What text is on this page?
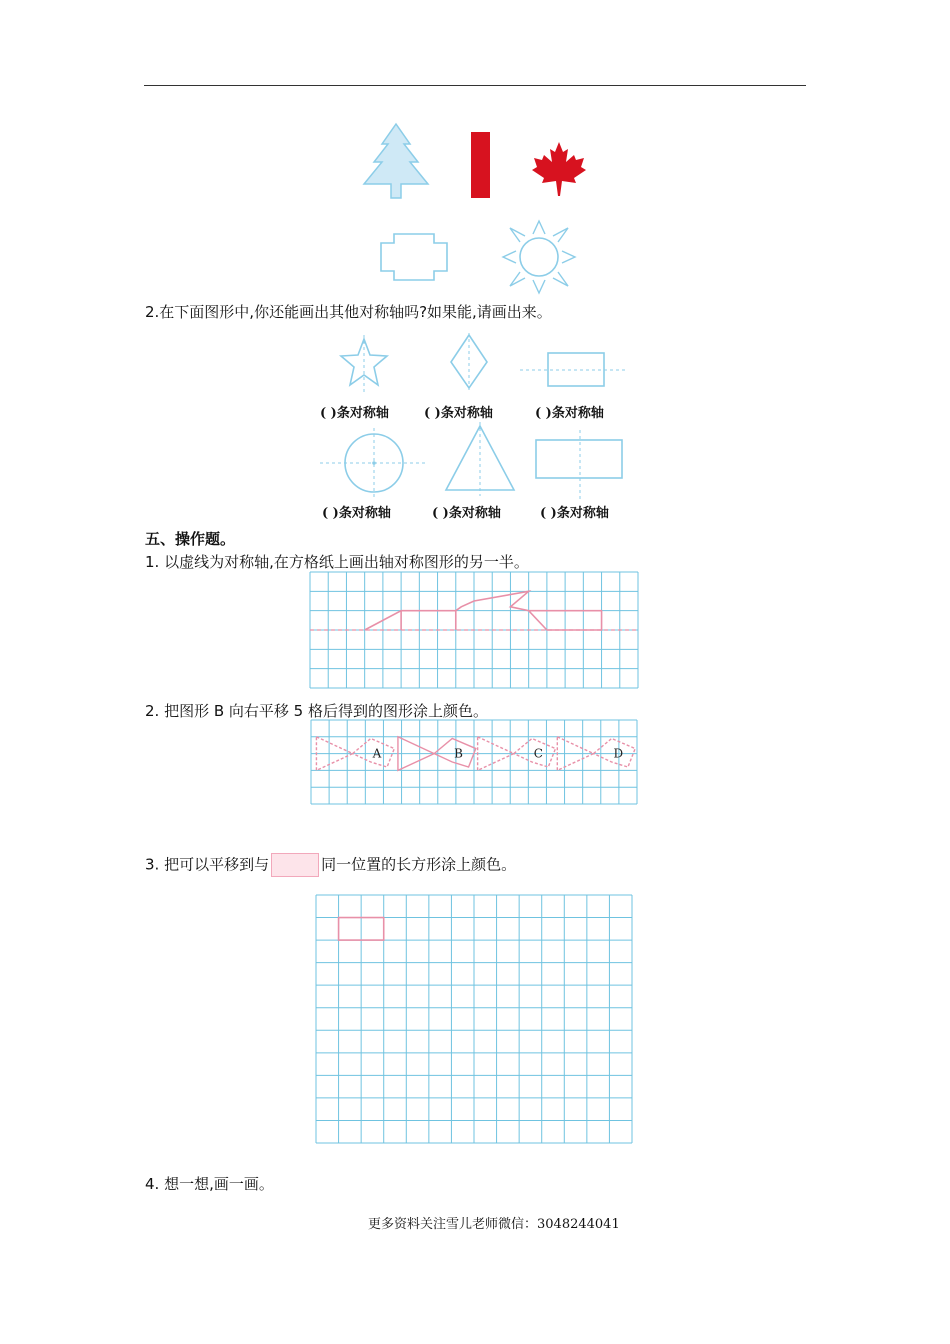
2.在下面图形中,你还能画出其他对称轴吗?如果能,请画出来。
( )条对称轴	( )条对称轴	( )条对称轴
( )条对称轴	( )条对称轴	( )条对称轴
五、操作题。
1. 以虚线为对称轴,在方格纸上画出轴对称图形的另一半。
2. 把图形 B 向右平移 5 格后得到的图形涂上颜色。
A	B	C	D
3. 把可以平移到与	同一位置的长方形涂上颜色。
4. 想一想,画一画。
更多资料关注雪儿老师微信：3048244041
